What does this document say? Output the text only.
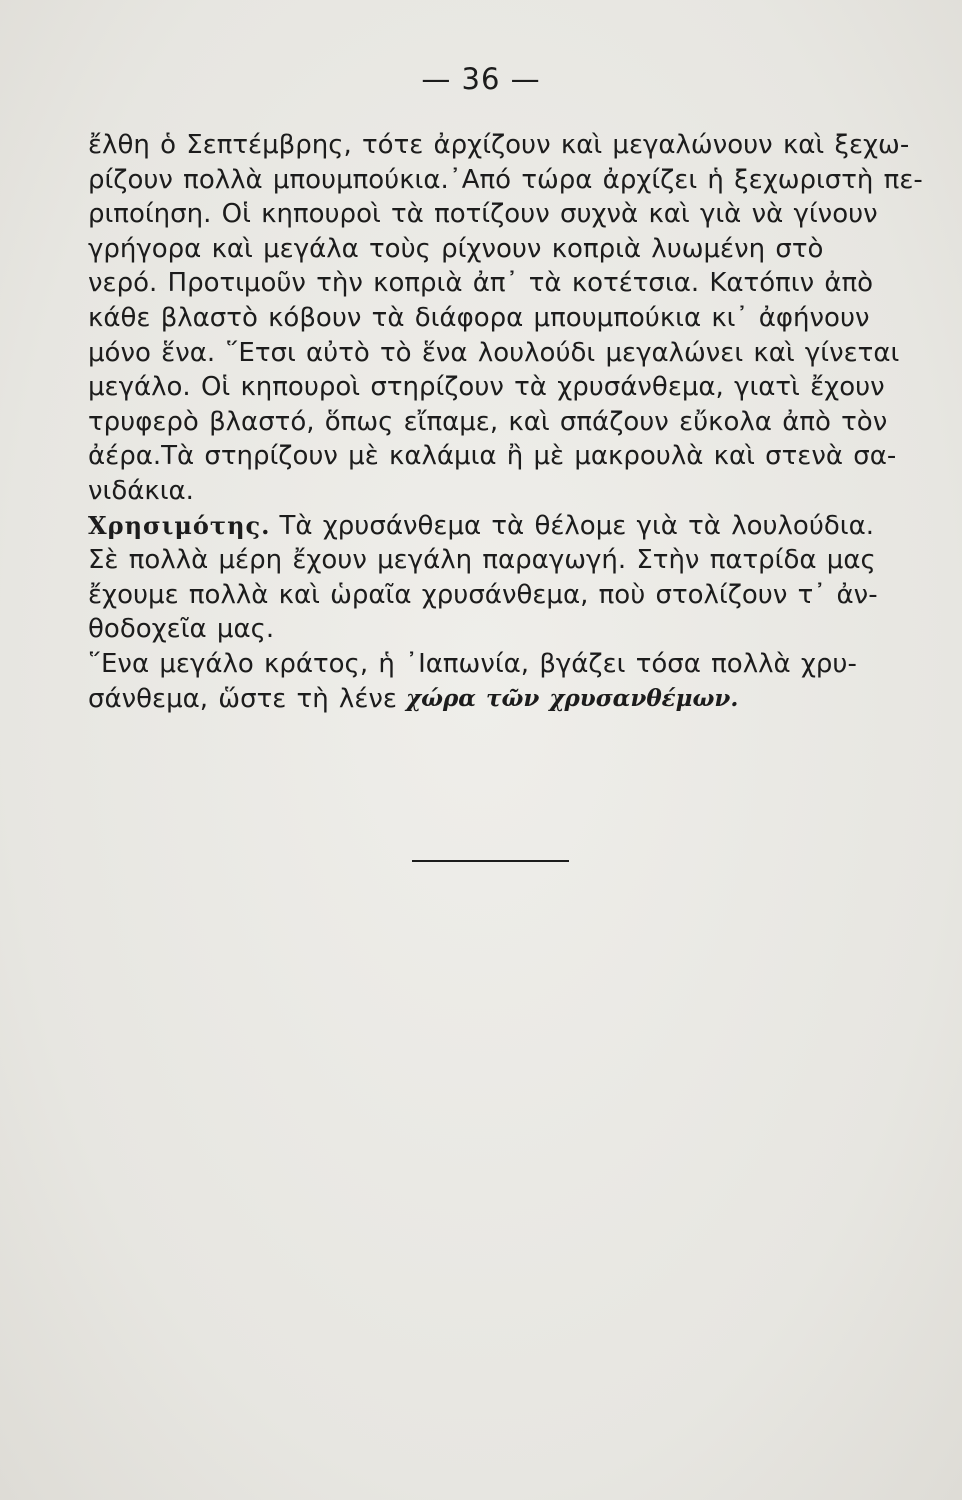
— 36 —
ἔλθη ὁ Σεπτέμβρης, τότε ἀρχίζουν καὶ μεγαλώνουν καὶ ξεχω-
ρίζουν πολλὰ μπουμπούκια.᾿Από τώρα ἀρχίζει ἡ ξεχωριστὴ πε-
ριποίηση. Οἱ κηπουροὶ τὰ ποτίζουν συχνὰ καὶ γιὰ νὰ γίνουν
γρήγορα καὶ μεγάλα τοὺς ρίχνουν κοπριὰ λυωμένη στὸ
νερό. Προτιμοῦν τὴν κοπριὰ ἀπ᾿ τὰ κοτέτσια. Κατόπιν ἀπὸ
κάθε βλαστὸ κόβουν τὰ διάφορα μπουμπούκια κι᾿ ἀφήνουν
μόνο ἕνα. ῞Ετσι αὐτὸ τὸ ἕνα λουλούδι μεγαλώνει καὶ γίνεται
μεγάλο. Οἱ κηπουροὶ στηρίζουν τὰ χρυσάνθεμα, γιατὶ ἔχουν
τρυφερὸ βλαστό, ὅπως εἴπαμε, καὶ σπάζουν εὔκολα ἀπὸ τὸν
ἀέρα.Τὰ στηρίζουν μὲ καλάμια ἢ μὲ μακρουλὰ καὶ στενὰ σα-
νιδάκια.
Χρησιμότης. Τὰ χρυσάνθεμα τὰ θέλομε γιὰ τὰ λουλούδια.
Σὲ πολλὰ μέρη ἔχουν μεγάλη παραγωγή. Στὴν πατρίδα μας
ἔχουμε πολλὰ καὶ ὡραῖα χρυσάνθεμα, ποὺ στολίζουν τ᾿ ἀν-
θοδοχεῖα μας.
῞Ενα μεγάλο κράτος, ἡ ᾿Ιαπωνία, βγάζει τόσα πολλὰ χρυ-
σάνθεμα, ὥστε τὴ λένε χώρα τῶν χρυσανθέμων.
